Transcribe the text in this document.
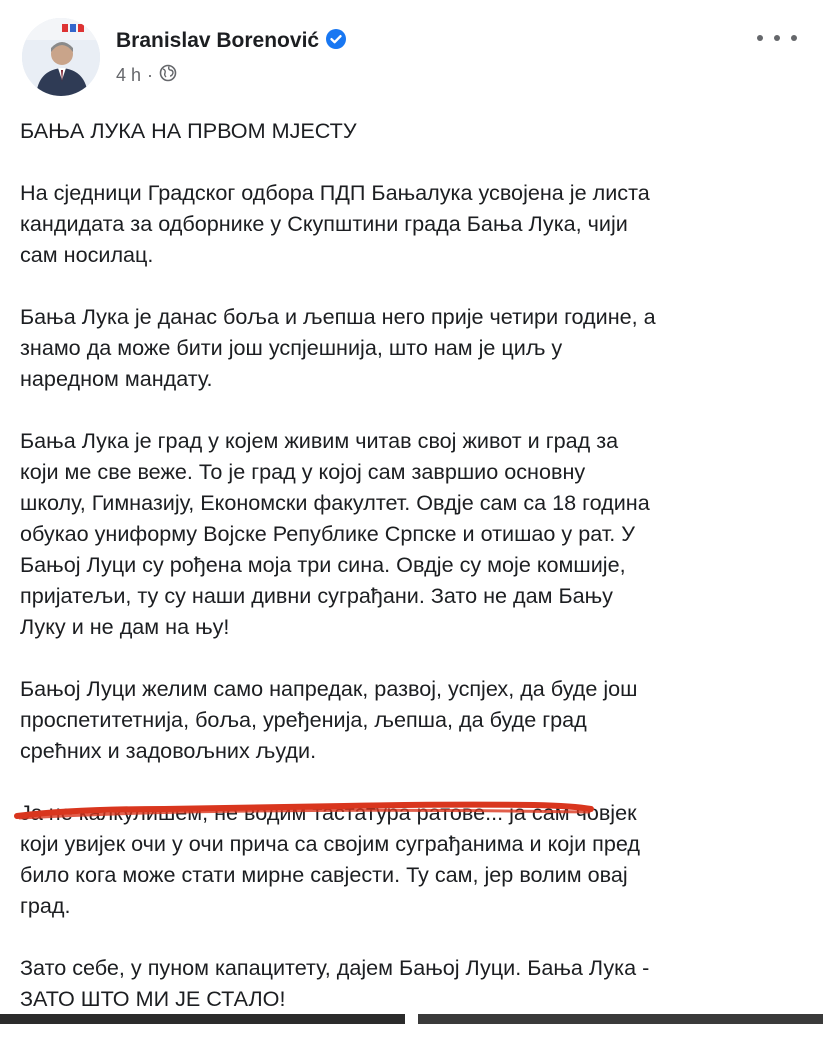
Branislav Borenović
4 h ·

БАЊА ЛУКА НА ПРВОМ МЈЕСТУ

На сједници Градског одбора ПДП Бањалука усвојена је листа
кандидата за одборнике у Скупштини града Бања Лука, чији
сам носилац.

Бања Лука је данас боља и љепша него прије четири године, а
знамо да може бити још успјешнија, што нам је циљ у
наредном мандату.

Бања Лука је град у којем живим читав свој живот и град за
који ме све веже. То је град у којој сам завршио основну
школу, Гимназију, Економски факултет. Овдје сам са 18 година
обукао униформу Војске Републике Српске и отишао у рат. У
Бањој Луци су рођена моја три сина. Овдје су моје комшије,
пријатељи, ту су наши дивни суграђани. Зато не дам Бању
Луку и не дам на њу!

Бањој Луци желим само напредак, развој, успјех, да буде још
проспетитетнија, боља, уређенија, љепша, да буде град
срећних и задовољних људи.

Ја не калкулишем, не водим тастатура ратове... ја сам човјек
који увијек очи у очи прича са својим суграђанима и који пред
било кога може стати мирне савјести. Ту сам, јер волим овај
град.

Зато себе, у пуном капацитету, дајем Бањој Луци. Бања Лука -
ЗАТО ШТО МИ ЈЕ СТАЛО!
